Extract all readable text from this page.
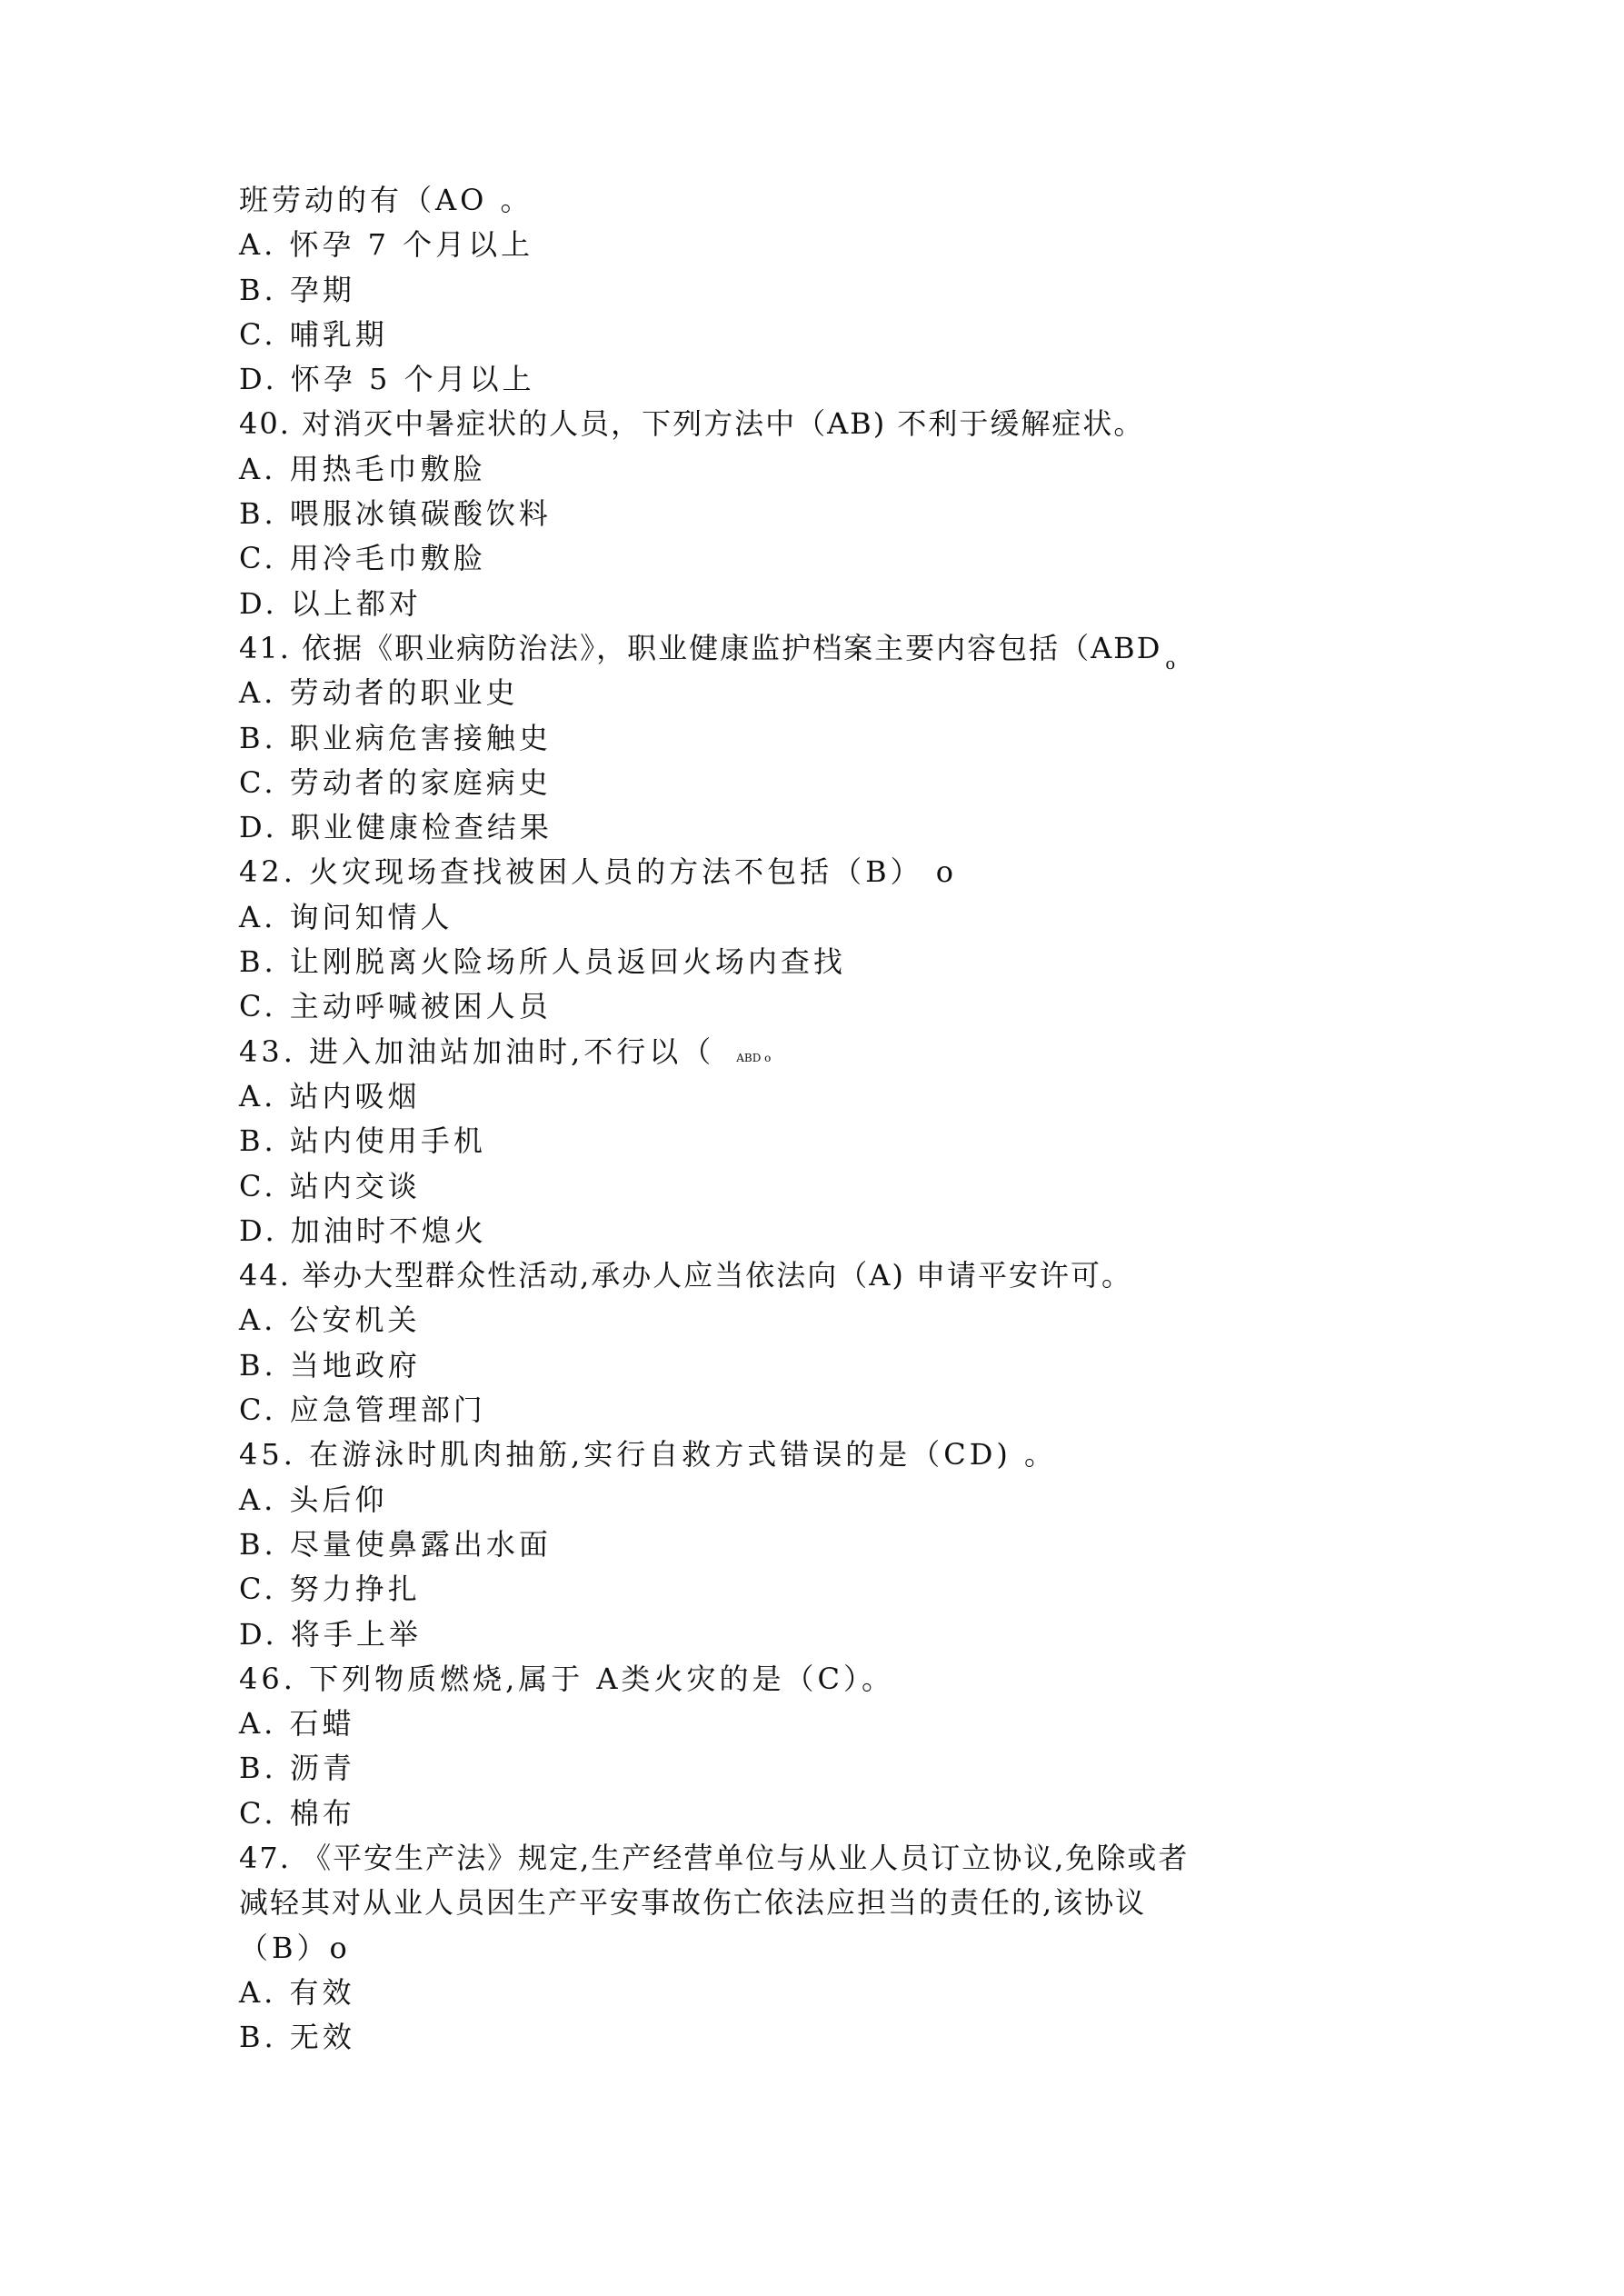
班劳动的有（AO 。
A. 怀孕 7 个月以上
B. 孕期
C. 哺乳期
D. 怀孕 5 个月以上
40. 对消灭中暑症状的人员，下列方法中（AB) 不利于缓解症状。
A. 用热毛巾敷脸
B. 喂服冰镇碳酸饮料
C. 用冷毛巾敷脸
D. 以上都对
41. 依据《职业病防治法》，职业健康监护档案主要内容包括（ABD $_o$
A. 劳动者的职业史
B. 职业病危害接触史
C. 劳动者的家庭病史
D. 职业健康检查结果
42. 火灾现场查找被困人员的方法不包括（B） o
A. 询问知情人
B. 让刚脱离火险场所人员返回火场内查找
C. 主动呼喊被困人员
43. 进入加油站加油时,不行以（ ABD o
A. 站内吸烟
B. 站内使用手机
C. 站内交谈
D. 加油时不熄火
44. 举办大型群众性活动,承办人应当依法向（A) 申请平安许可。
A. 公安机关
B. 当地政府
C. 应急管理部门
45. 在游泳时肌肉抽筋,实行自救方式错误的是（CD) 。
A. 头后仰
B. 尽量使鼻露出水面
C. 努力挣扎
D. 将手上举
46. 下列物质燃烧,属于 A类火灾的是（C）。
A. 石蜡
B. 沥青
C. 棉布
47. 《平安生产法》规定,生产经营单位与从业人员订立协议,免除或者
减轻其对从业人员因生产平安事故伤亡依法应担当的责任的,该协议
（B）o
A. 有效
B. 无效
